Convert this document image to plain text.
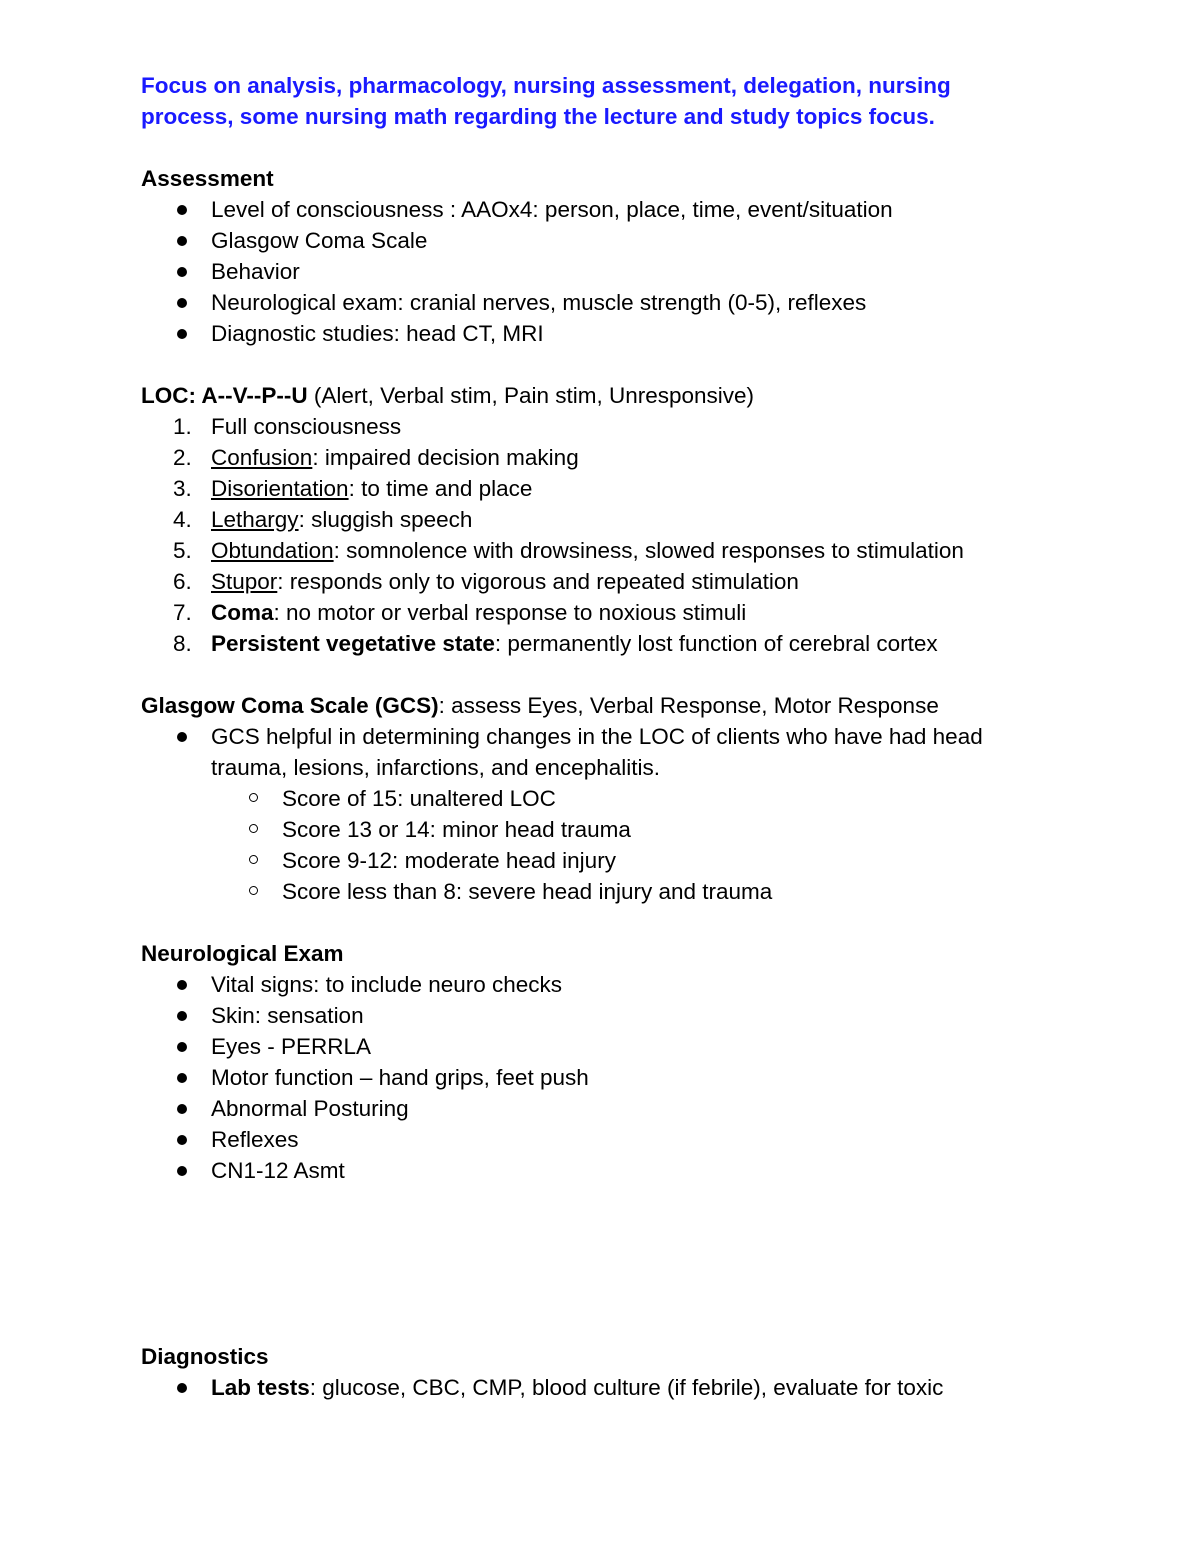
Focus on analysis, pharmacology, nursing assessment, delegation, nursing
process, some nursing math regarding the lecture and study topics focus.
Assessment
Level of consciousness : AAOx4: person, place, time, event/situation
Glasgow Coma Scale
Behavior
Neurological exam: cranial nerves, muscle strength (0-5), reflexes
Diagnostic studies: head CT, MRI
LOC: A--V--P--U (Alert, Verbal stim, Pain stim, Unresponsive)
1. Full consciousness
2. Confusion: impaired decision making
3. Disorientation: to time and place
4. Lethargy: sluggish speech
5. Obtundation: somnolence with drowsiness, slowed responses to stimulation
6. Stupor: responds only to vigorous and repeated stimulation
7. Coma: no motor or verbal response to noxious stimuli
8. Persistent vegetative state: permanently lost function of cerebral cortex
Glasgow Coma Scale (GCS): assess Eyes, Verbal Response, Motor Response
GCS helpful in determining changes in the LOC of clients who have had head
trauma, lesions, infarctions, and encephalitis.
Score of 15: unaltered LOC
Score 13 or 14: minor head trauma
Score 9-12: moderate head injury
Score less than 8: severe head injury and trauma
Neurological Exam
Vital signs: to include neuro checks
Skin: sensation
Eyes - PERRLA
Motor function – hand grips, feet push
Abnormal Posturing
Reflexes
CN1-12 Asmt
Diagnostics
Lab tests: glucose, CBC, CMP, blood culture (if febrile), evaluate for toxic
